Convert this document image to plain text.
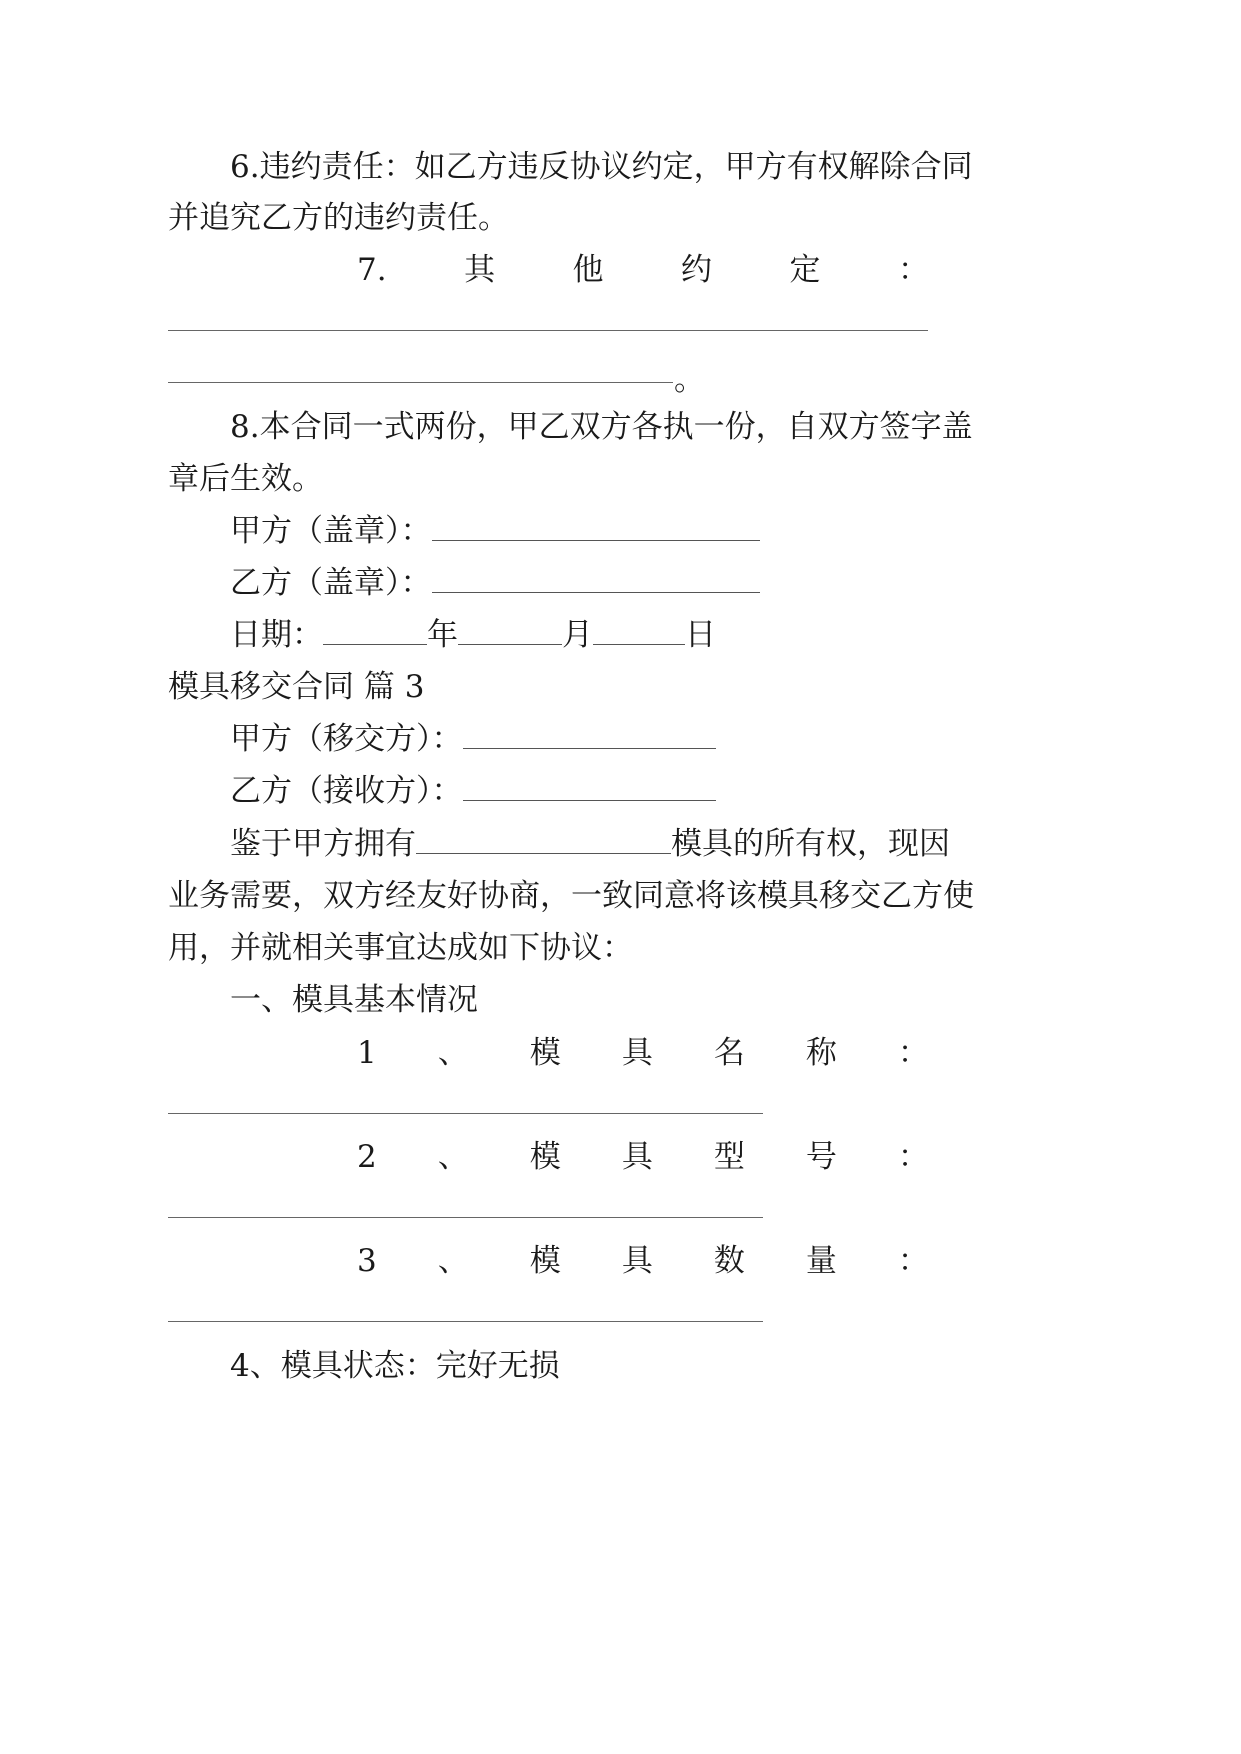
6.违约责任：如乙方违反协议约定，甲方有权解除合同
并追究乙方的违约责任。
7. 其 他 约 定 ：
。
8.本合同一式两份，甲乙双方各执一份，自双方签字盖
章后生效。
甲方（盖章）：
乙方（盖章）：
日期：	年	月	日
模具移交合同 篇 3
甲方（移交方）：
乙方（接收方）：
鉴于甲方拥有	模具的所有权，现因
业务需要，双方经友好协商，一致同意将该模具移交乙方使
用，并就相关事宜达成如下协议：
一、模具基本情况
1 、 模 具 名 称 ：
2 、 模 具 型 号 ：
3 、 模 具 数 量 ：
4、模具状态：完好无损
